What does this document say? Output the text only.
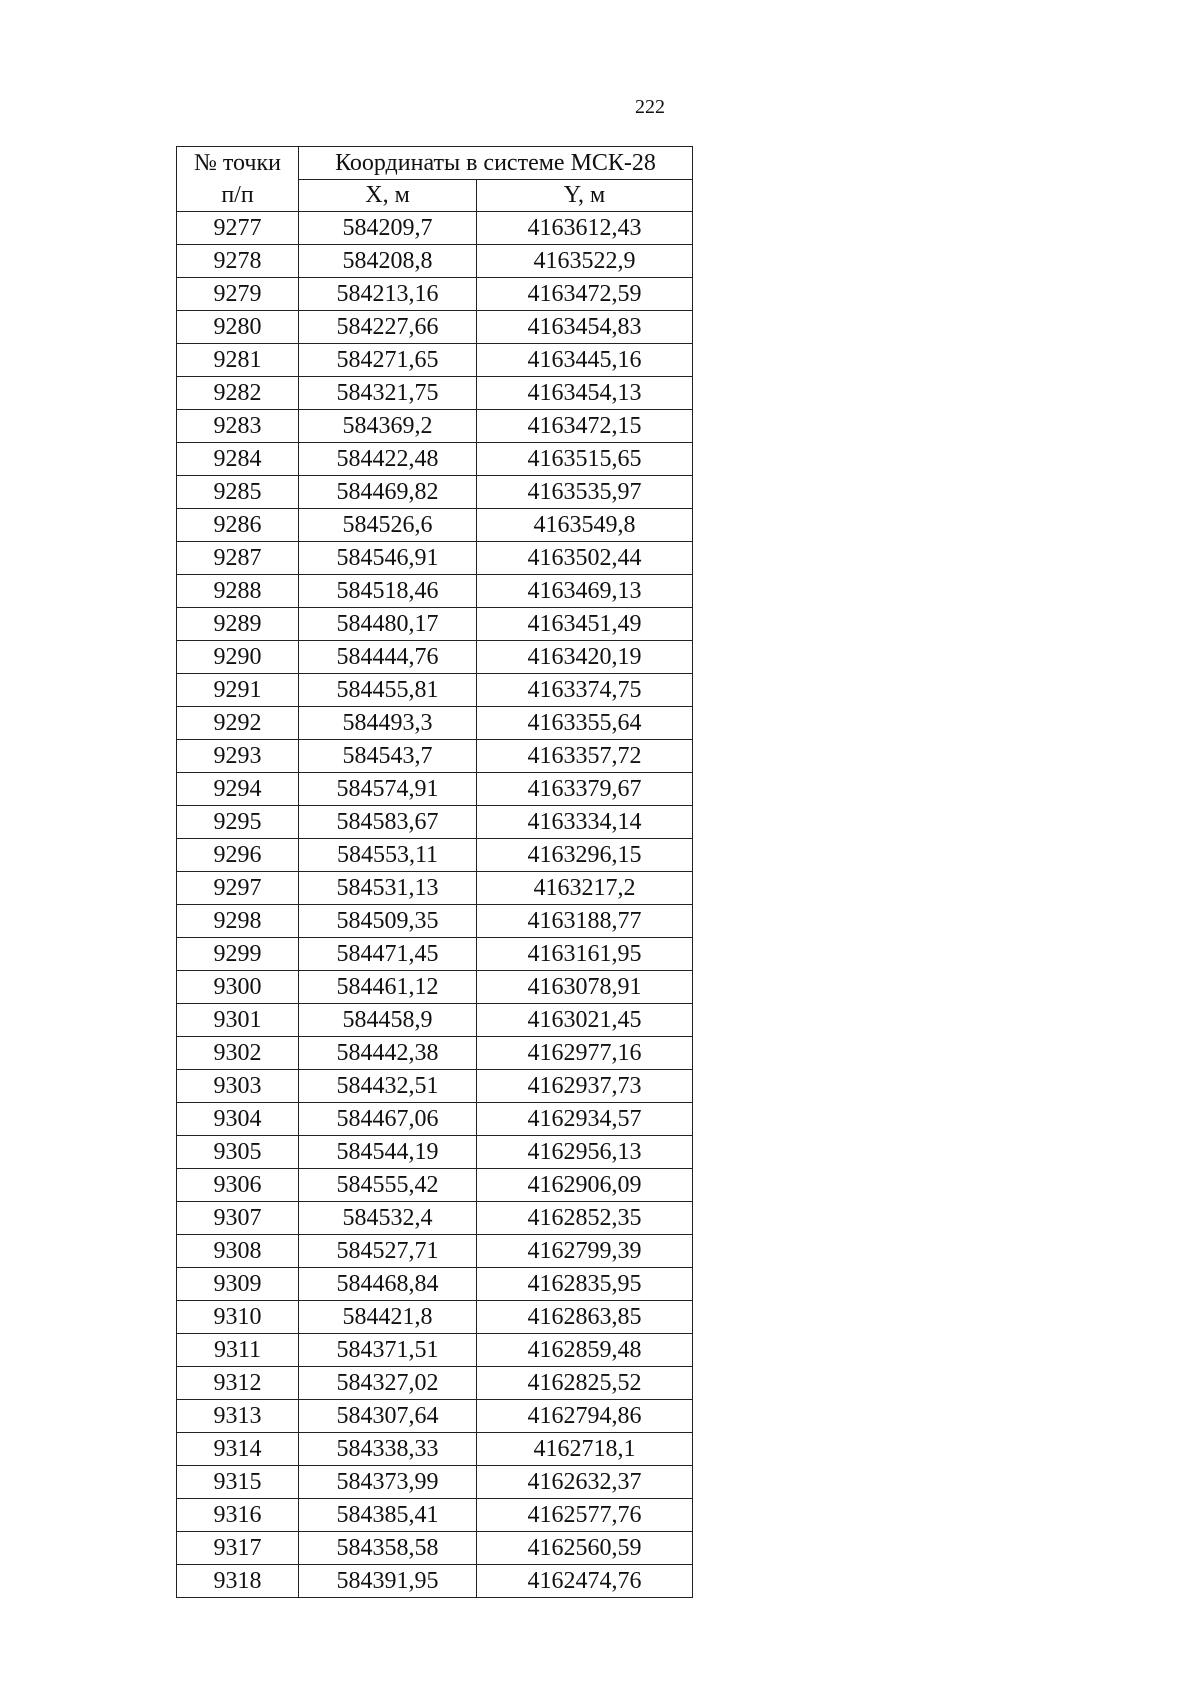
222
№ точки
п/п	Координаты в системе МСК-28	
	X, м	Y, м
9277	584209,7	4163612,43
9278	584208,8	4163522,9
9279	584213,16	4163472,59
9280	584227,66	4163454,83
9281	584271,65	4163445,16
9282	584321,75	4163454,13
9283	584369,2	4163472,15
9284	584422,48	4163515,65
9285	584469,82	4163535,97
9286	584526,6	4163549,8
9287	584546,91	4163502,44
9288	584518,46	4163469,13
9289	584480,17	4163451,49
9290	584444,76	4163420,19
9291	584455,81	4163374,75
9292	584493,3	4163355,64
9293	584543,7	4163357,72
9294	584574,91	4163379,67
9295	584583,67	4163334,14
9296	584553,11	4163296,15
9297	584531,13	4163217,2
9298	584509,35	4163188,77
9299	584471,45	4163161,95
9300	584461,12	4163078,91
9301	584458,9	4163021,45
9302	584442,38	4162977,16
9303	584432,51	4162937,73
9304	584467,06	4162934,57
9305	584544,19	4162956,13
9306	584555,42	4162906,09
9307	584532,4	4162852,35
9308	584527,71	4162799,39
9309	584468,84	4162835,95
9310	584421,8	4162863,85
9311	584371,51	4162859,48
9312	584327,02	4162825,52
9313	584307,64	4162794,86
9314	584338,33	4162718,1
9315	584373,99	4162632,37
9316	584385,41	4162577,76
9317	584358,58	4162560,59
9318	584391,95	4162474,76
